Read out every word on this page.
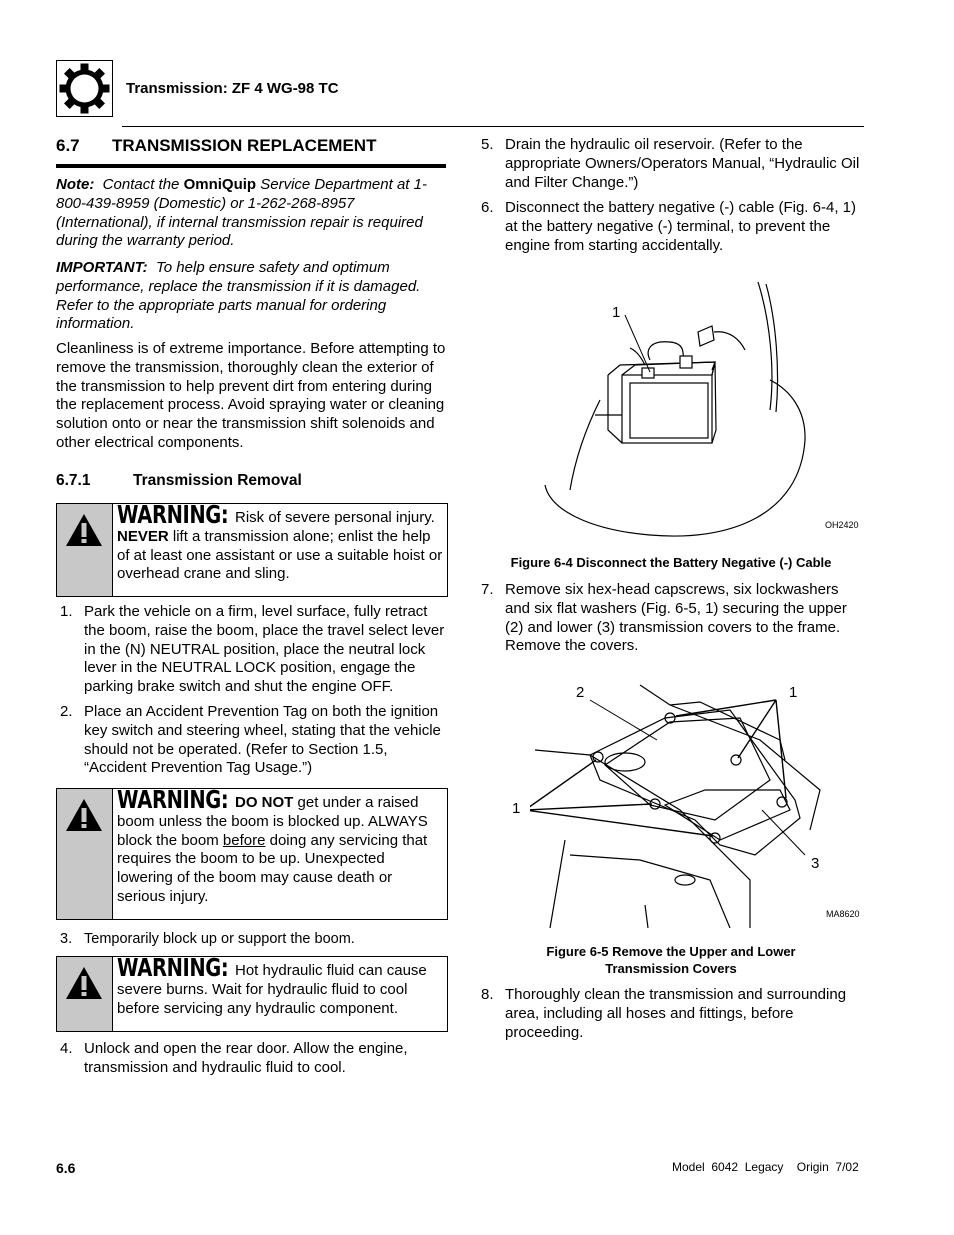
Transmission: ZF 4 WG-98 TC
6.7 TRANSMISSION REPLACEMENT

Note: Contact the OmniQuip Service Department at 1-800-439-8959 (Domestic) or 1-262-268-8957 (International), if internal transmission repair is required during the warranty period.

IMPORTANT: To help ensure safety and optimum performance, replace the transmission if it is damaged. Refer to the appropriate parts manual for ordering information.

Cleanliness is of extreme importance. Before attempting to remove the transmission, thoroughly clean the exterior of the transmission to help prevent dirt from entering during the replacement process. Avoid spraying water or cleaning solution onto or near the transmission shift solenoids and other electrical components.

6.7.1	Transmission Removal
WARNING: Risk of severe personal injury. NEVER lift a transmission alone; enlist the help of at least one assistant or use a suitable hoist or overhead crane and sling.
1. Park the vehicle on a firm, level surface, fully retract the boom, raise the boom, place the travel select lever in the (N) NEUTRAL position, place the neutral lock lever in the NEUTRAL LOCK position, engage the parking brake switch and shut the engine OFF.
2. Place an Accident Prevention Tag on both the ignition key switch and steering wheel, stating that the vehicle should not be operated. (Refer to Section 1.5, “Accident Prevention Tag Usage.”)
WARNING: DO NOT get under a raised boom unless the boom is blocked up. ALWAYS block the boom before doing any servicing that requires the boom to be up. Unexpected lowering of the boom may cause death or serious injury.
3. Temporarily block up or support the boom.
WARNING: Hot hydraulic fluid can cause severe burns. Wait for hydraulic fluid to cool before servicing any hydraulic component.
4. Unlock and open the rear door. Allow the engine, transmission and hydraulic fluid to cool.
5. Drain the hydraulic oil reservoir. (Refer to the appropriate Owners/Operators Manual, “Hydraulic Oil and Filter Change.”)
6. Disconnect the battery negative (-) cable (Fig. 6-4, 1) at the battery negative (-) terminal, to prevent the engine from starting accidentally.
1
OH2420
Figure 6-4 Disconnect the Battery Negative (-) Cable
7. Remove six hex-head capscrews, six lockwashers and six flat washers (Fig. 6-5, 1) securing the upper (2) and lower (3) transmission covers to the frame. Remove the covers.
2	1
1
3
MA8620
Figure 6-5 Remove the Upper and Lower
Transmission Covers
8. Thoroughly clean the transmission and surrounding area, including all hoses and fittings, before proceeding.
6.6	Model  6042  Legacy    Origin  7/02
